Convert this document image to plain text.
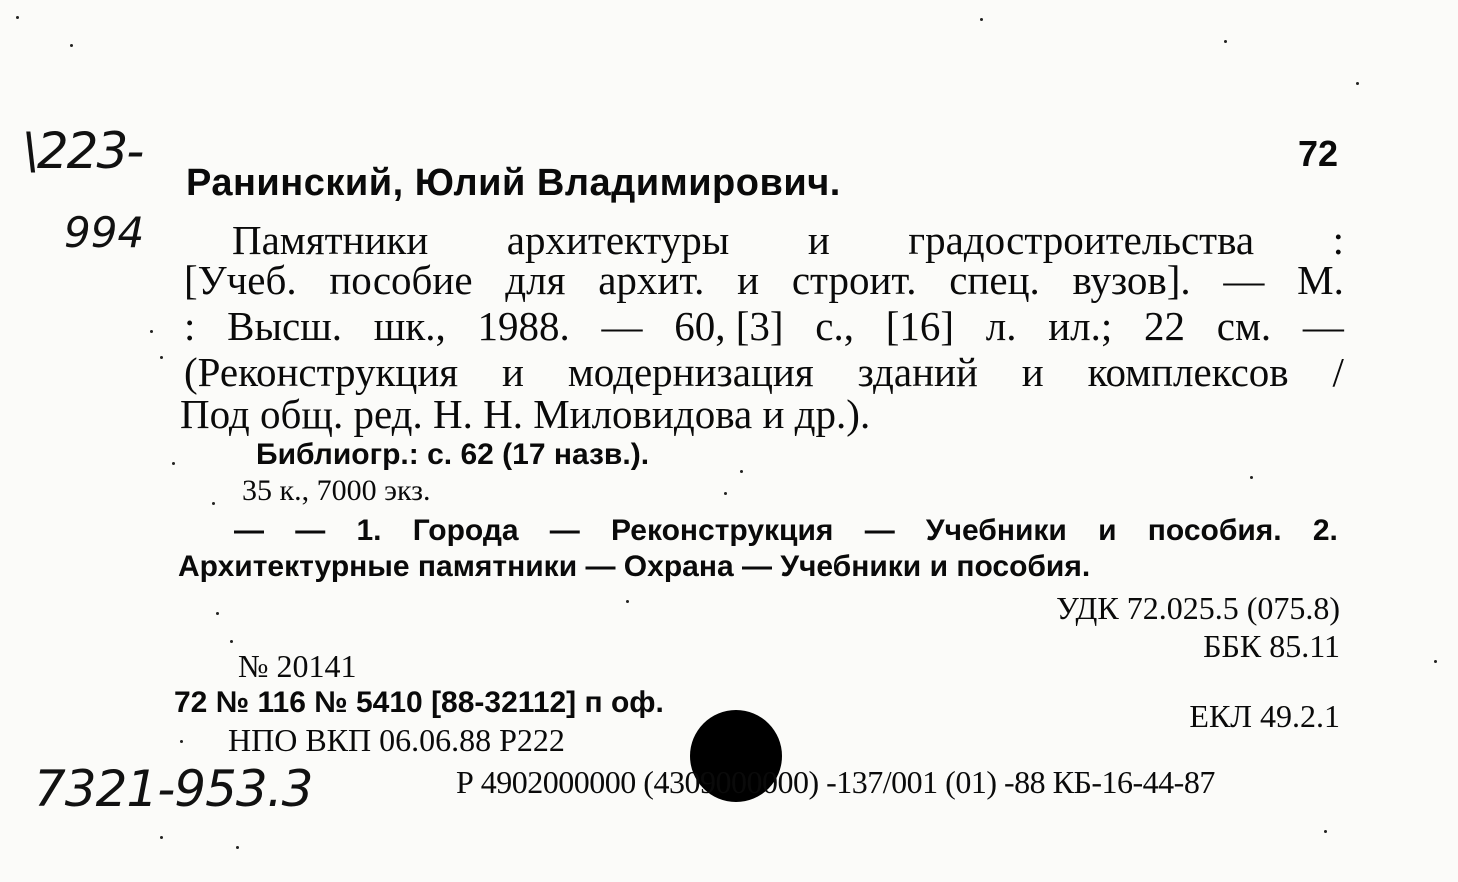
\223-
994
72
Ранинский, Юлий Владимирович.
Памятники архитектуры и градостроительства :
[Учеб. пособие для архит. и строит. спец. вузов]. — М.
: Высш. шк., 1988. — 60, [3] с., [16] л. ил.; 22 см. —
(Реконструкция и модернизация зданий и комплексов /
Под общ. ред. Н. Н. Миловидова и др.).
Библиогр.: с. 62 (17 назв.).
35 к., 7000 экз.
— — 1. Города — Реконструкция — Учебники и пособия. 2.
Архитектурные памятники — Охрана — Учебники и пособия.
УДК 72.025.5 (075.8)
ББК 85.11
№ 20141
72 № 116 № 5410 [88-32112] п оф.	ЕКЛ 49.2.1
НПО ВКП 06.06.88 Р222
Р 4902000000 (4309000000) -137/001 (01) -88 КБ-16-44-87
7321-953.3
